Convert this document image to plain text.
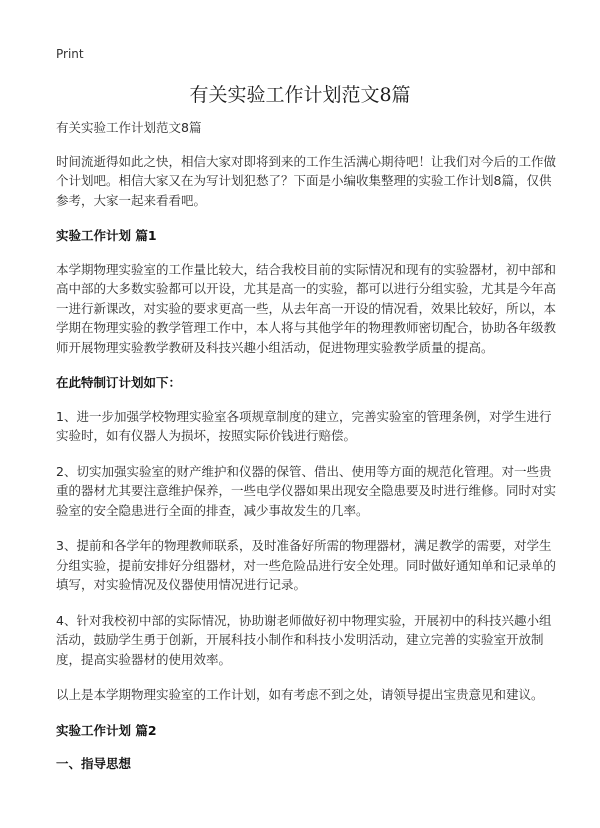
Print
有关实验工作计划范文8篇

有关实验工作计划范文8篇

时间流逝得如此之快，相信大家对即将到来的工作生活满心期待吧！让我们对今后的工作做个计划吧。相信大家又在为写计划犯愁了？下面是小编收集整理的实验工作计划8篇，仅供参考，大家一起来看看吧。

实验工作计划 篇1

本学期物理实验室的工作量比较大，结合我校目前的实际情况和现有的实验器材，初中部和高中部的大多数实验都可以开设，尤其是高一的实验，都可以进行分组实验，尤其是今年高一进行新课改，对实验的要求更高一些，从去年高一开设的情况看，效果比较好，所以，本学期在物理实验的教学管理工作中，本人将与其他学年的物理教师密切配合，协助各年级教师开展物理实验教学教研及科技兴趣小组活动，促进物理实验教学质量的提高。

在此特制订计划如下：

1、进一步加强学校物理实验室各项规章制度的建立，完善实验室的管理条例，对学生进行实验时，如有仪器人为损坏，按照实际价钱进行赔偿。

2、切实加强实验室的财产维护和仪器的保管、借出、使用等方面的规范化管理。对一些贵重的器材尤其要注意维护保养，一些电学仪器如果出现安全隐患要及时进行维修。同时对实验室的安全隐患进行全面的排查，减少事故发生的几率。

3、提前和各学年的物理教师联系，及时准备好所需的物理器材，满足教学的需要，对学生分组实验，提前安排好分组器材，对一些危险品进行安全处理。同时做好通知单和记录单的填写，对实验情况及仪器使用情况进行记录。

4、针对我校初中部的实际情况，协助谢老师做好初中物理实验，开展初中的科技兴趣小组活动，鼓励学生勇于创新，开展科技小制作和科技小发明活动，建立完善的实验室开放制度，提高实验器材的使用效率。

以上是本学期物理实验室的工作计划，如有考虑不到之处，请领导提出宝贵意见和建议。

实验工作计划 篇2

一、指导思想
